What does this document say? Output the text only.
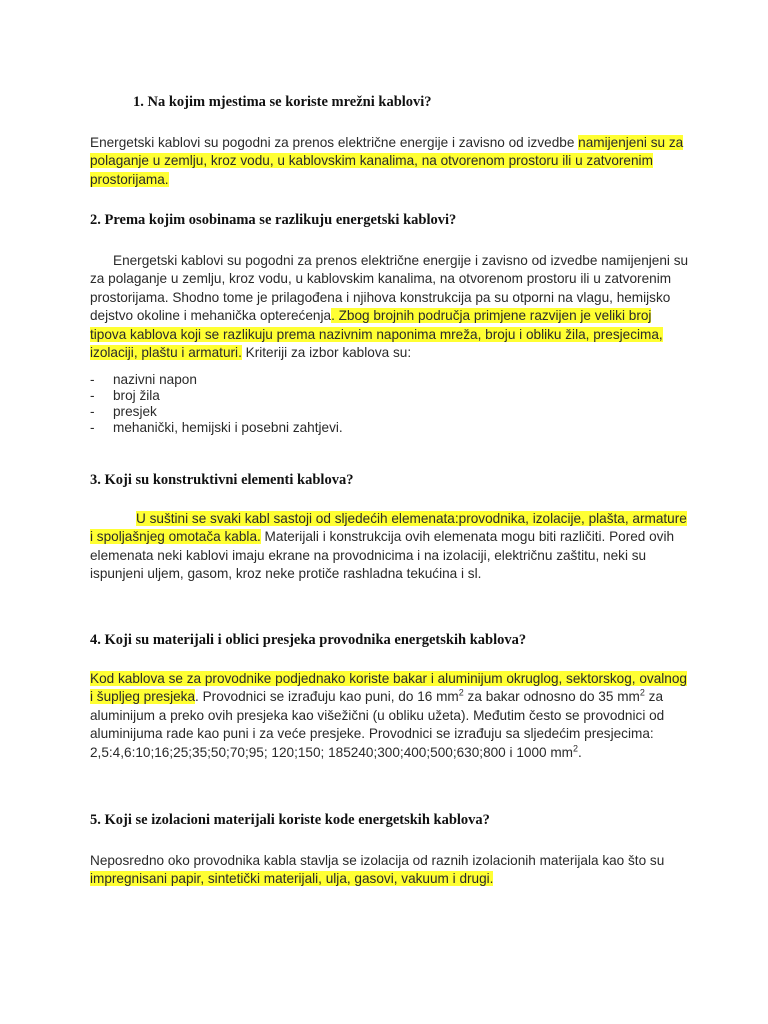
1. Na kojim mjestima se koriste mrežni kablovi?

Energetski kablovi su pogodni za prenos električne energije i zavisno od izvedbe namijenjeni su za polaganje u zemlju, kroz vodu, u kablovskim kanalima, na otvorenom prostoru ili u zatvorenim prostorijama.

2. Prema kojim osobinama se razlikuju energetski kablovi?

Energetski kablovi su pogodni za prenos električne energije i zavisno od izvedbe namijenjeni su za polaganje u zemlju, kroz vodu, u kablovskim kanalima, na otvorenom prostoru ili u zatvorenim prostorijama. Shodno tome je prilagođena i njihova konstrukcija pa su otporni na vlagu, hemijsko dejstvo okoline i mehanička opterećenja. Zbog brojnih područja primjene razvijen je veliki broj tipova kablova koji se razlikuju prema nazivnim naponima mreža, broju i obliku žila, presjecima, izolaciji, plaštu i armaturi. Kriteriji za izbor kablova su:

- nazivni napon
- broj žila
- presjek
- mehanički, hemijski i posebni zahtjevi.
3. Koji su konstruktivni elementi kablova?

U suštini se svaki kabl sastoji od sljedećih elemenata:provodnika, izolacije, plašta, armature i spoljašnjeg omotača kabla. Materijali i konstrukcija ovih elemenata mogu biti različiti. Pored ovih elemenata neki kablovi imaju ekrane na provodnicima i na izolaciji, električnu zaštitu, neki su ispunjeni uljem, gasom, kroz neke protiče rashladna tekućina i sl.

4. Koji su materijali i oblici presjeka provodnika energetskih kablova?

Kod kablova se za provodnike podjednako koriste bakar i aluminijum okruglog, sektorskog, ovalnog i šupljeg presjeka. Provodnici se izrađuju kao puni, do 16 $mm^2$ za bakar odnosno do 35 $mm^2$ za aluminijum a preko ovih presjeka kao višežični (u obliku užeta). Međutim često se provodnici od aluminijuma rade kao puni i za veće presjeke. Provodnici se izrađuju sa sljedećim presjecima: 2,5:4,6:10;16;25;35;50;70;95; 120;150; 185240;300;400;500;630;800 i 1000 $mm^2$.

5. Koji se izolacioni materijali koriste kode energetskih kablova?

Neposredno oko provodnika kabla stavlja se izolacija od raznih izolacionih materijala kao što su impregnisani papir, sintetički materijali, ulja, gasovi, vakuum i drugi.
